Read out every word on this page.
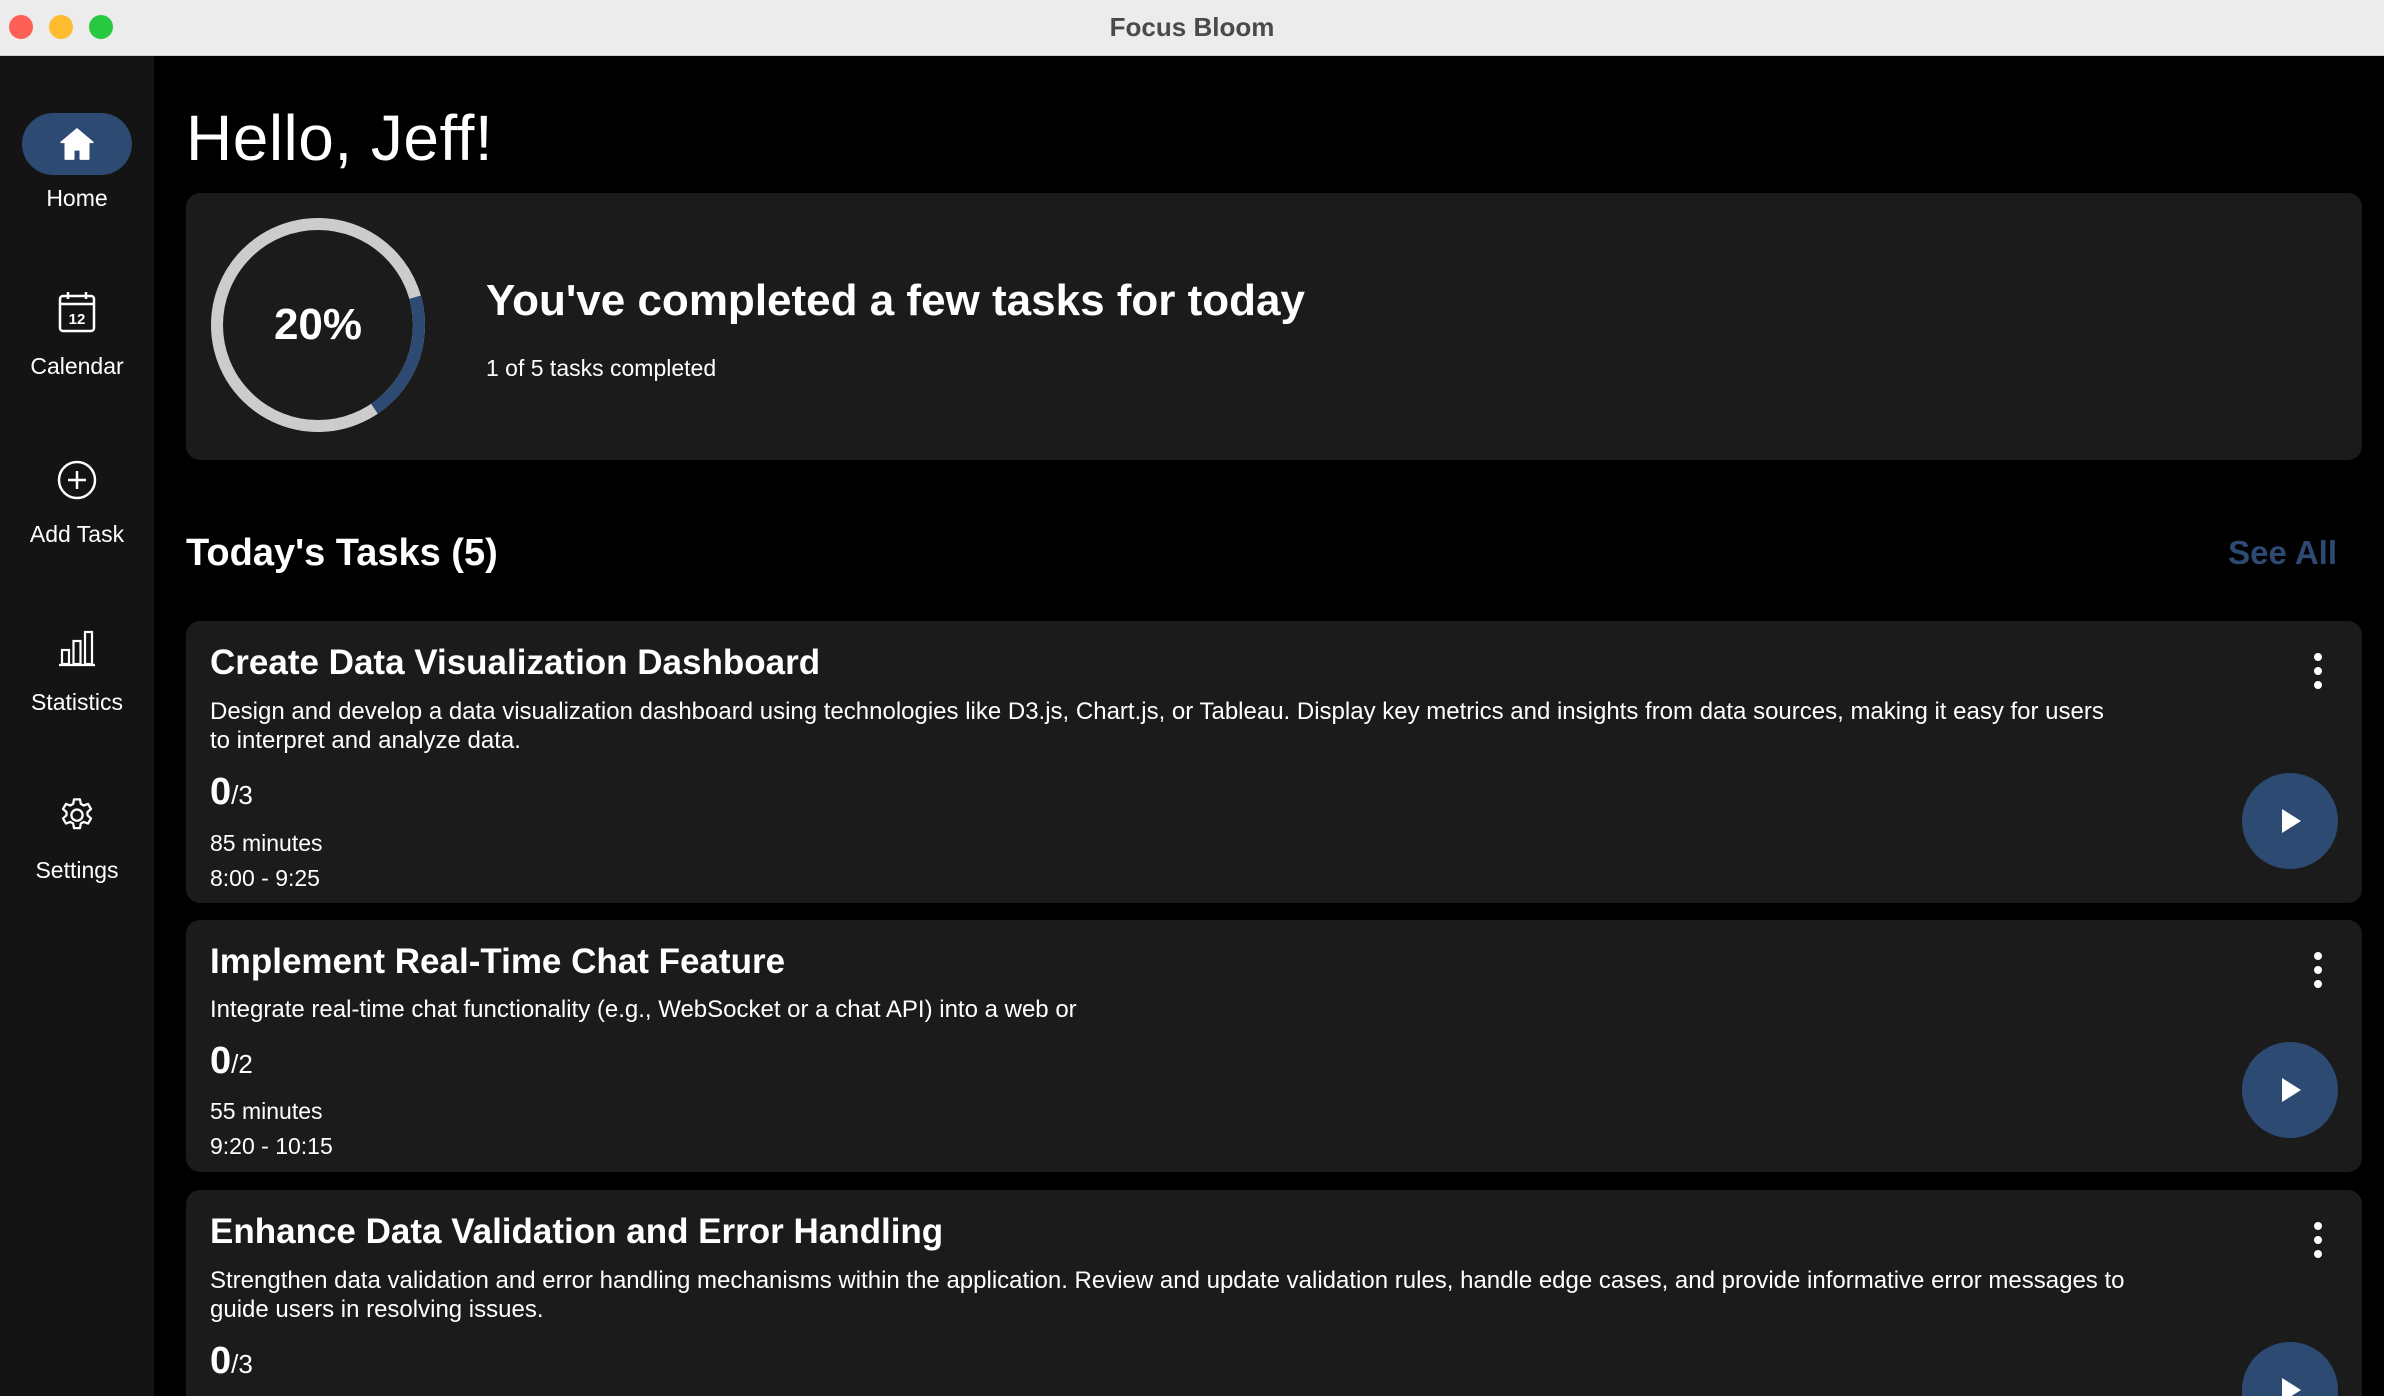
Focus Bloom
Home
12
Calendar
Add Task
Statistics
Settings
Hello, Jeff!
20%	You've completed a few tasks for today
1 of 5 tasks completed
Today's Tasks (5)	See All
Create Data Visualization Dashboard
Design and develop a data visualization dashboard using technologies like D3.js, Chart.js, or Tableau. Display key metrics and insights from data sources, making it easy for users to interpret and analyze data.
0/3
85 minutes
8:00 - 9:25
Implement Real-Time Chat Feature
Integrate real-time chat functionality (e.g., WebSocket or a chat API) into a web or
0/2
55 minutes
9:20 - 10:15
Enhance Data Validation and Error Handling
Strengthen data validation and error handling mechanisms within the application. Review and update validation rules, handle edge cases, and provide informative error messages to guide users in resolving issues.
0/3
